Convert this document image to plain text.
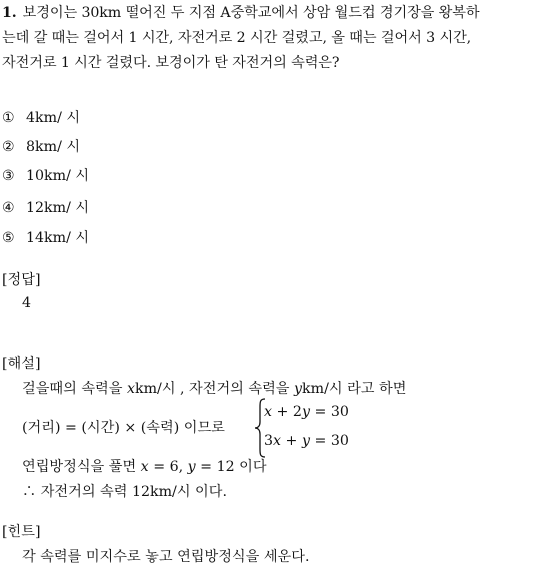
1. 보경이는 30km 떨어진 두 지점 A중학교에서 상암 월드컵 경기장을 왕복하
는데 갈 때는 걸어서 1 시간, 자전거로 2 시간 걸렸고, 올 때는 걸어서 3 시간,
자전거로 1 시간 걸렸다. 보경이가 탄 자전거의 속력은?
① 4km/ 시
② 8km/ 시
③ 10km/ 시
④ 12km/ 시
⑤ 14km/ 시
[정답]
4
[해설]
걸을때의 속력을 xkm/시 , 자전거의 속력을 ykm/시 라고 하면
(거리) = (시간) × (속력) 이므로
x + 2y = 30
3x + y = 30
연립방정식을 풀면 x = 6, y = 12 이다
∴ 자전거의 속력 12km/시 이다.
[힌트]
각 속력를 미지수로 놓고 연립방정식을 세운다.
